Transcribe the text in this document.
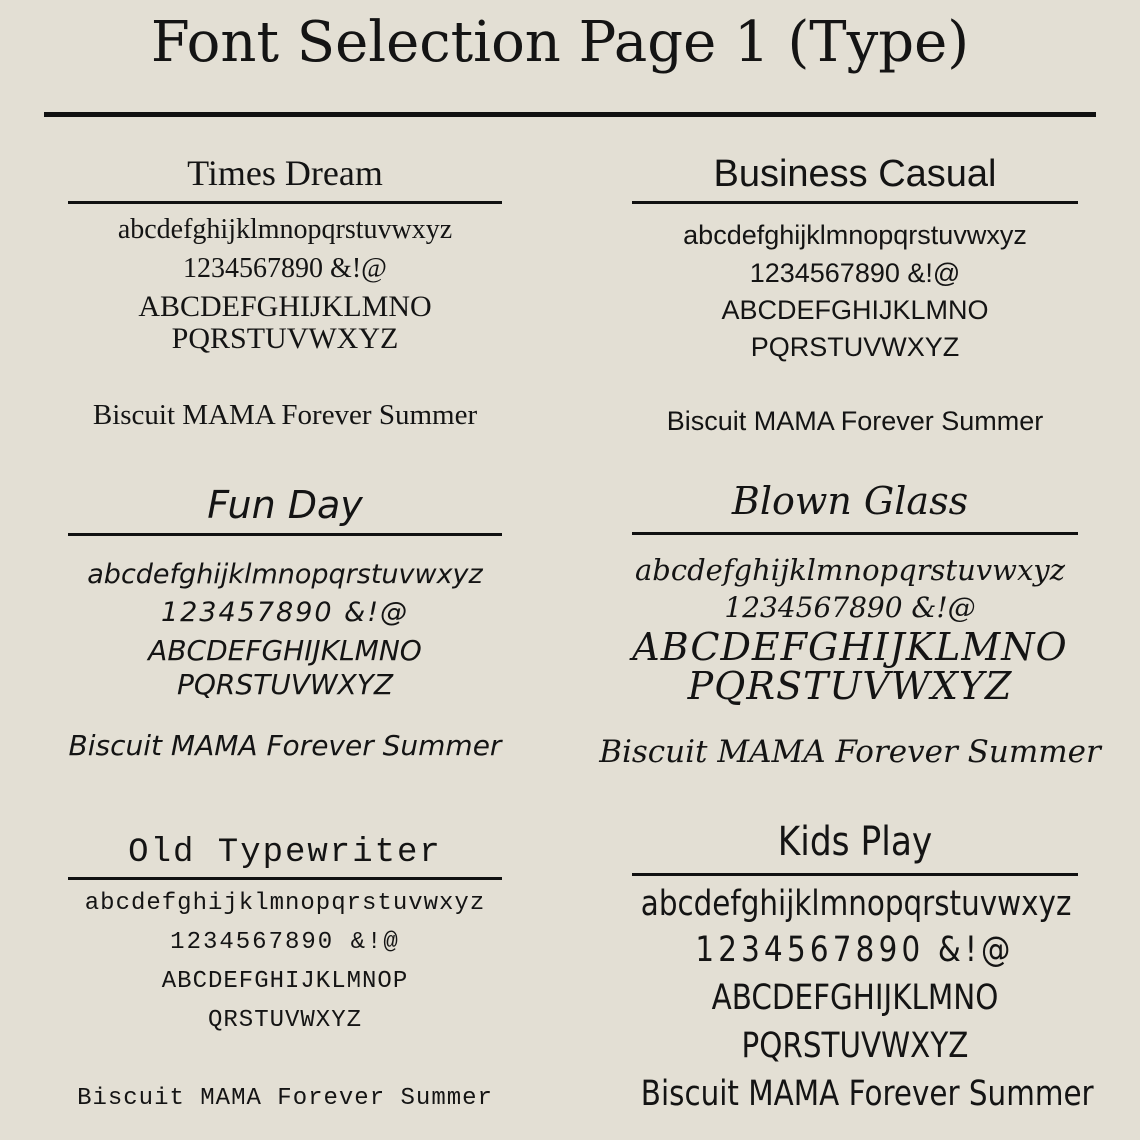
Font Selection Page 1 (Type)
Times Dream
abcdefghijklmnopqrstuvwxyz
1234567890 &!@
ABCDEFGHIJKLMNO
PQRSTUVWXYZ
Biscuit MAMA Forever Summer
Business Casual
abcdefghijklmnopqrstuvwxyz
1234567890 &!@
ABCDEFGHIJKLMNO
PQRSTUVWXYZ
Biscuit MAMA Forever Summer
Fun Day
abcdefghijklmnopqrstuvwxyz
123457890 &!@
ABCDEFGHIJKLMNO
PQRSTUVWXYZ
Biscuit MAMA Forever Summer
Blown Glass
abcdefghijklmnopqrstuvwxyz
1234567890 &!@
ABCDEFGHIJKLMNO
PQRSTUVWXYZ
Biscuit MAMA Forever Summer
Old Typewriter
abcdefghijklmnopqrstuvwxyz
1234567890 &!@
ABCDEFGHIJKLMNOP
QRSTUVWXYZ
Biscuit MAMA Forever Summer
Kids Play
abcdefghijklmnopqrstuvwxyz
1234567890 &!@
ABCDEFGHIJKLMNO
PQRSTUVWXYZ
Biscuit MAMA Forever Summer
